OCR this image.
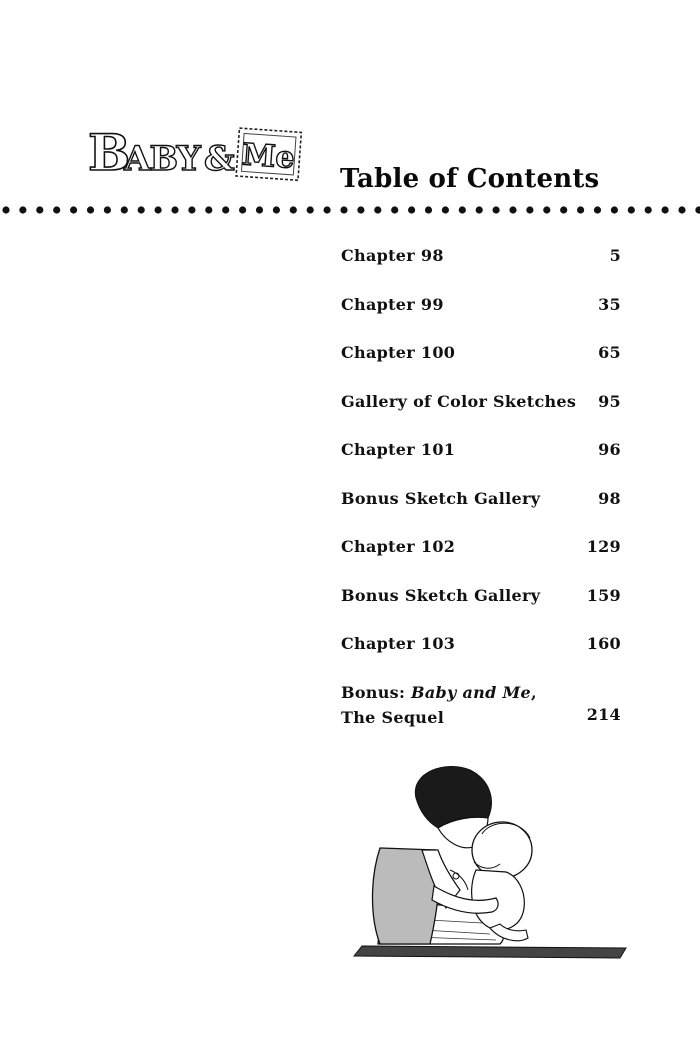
Me
B
ABY &	Table of Contents
Chapter 98	5
Chapter 99	35
Chapter 100	65
Gallery of Color Sketches 95
Chapter 101	96
Bonus Sketch Gallery	98
Chapter 102	129
Bonus Sketch Gallery	159
Chapter 103	160
Bonus: Baby and Me,
The Sequel	214
